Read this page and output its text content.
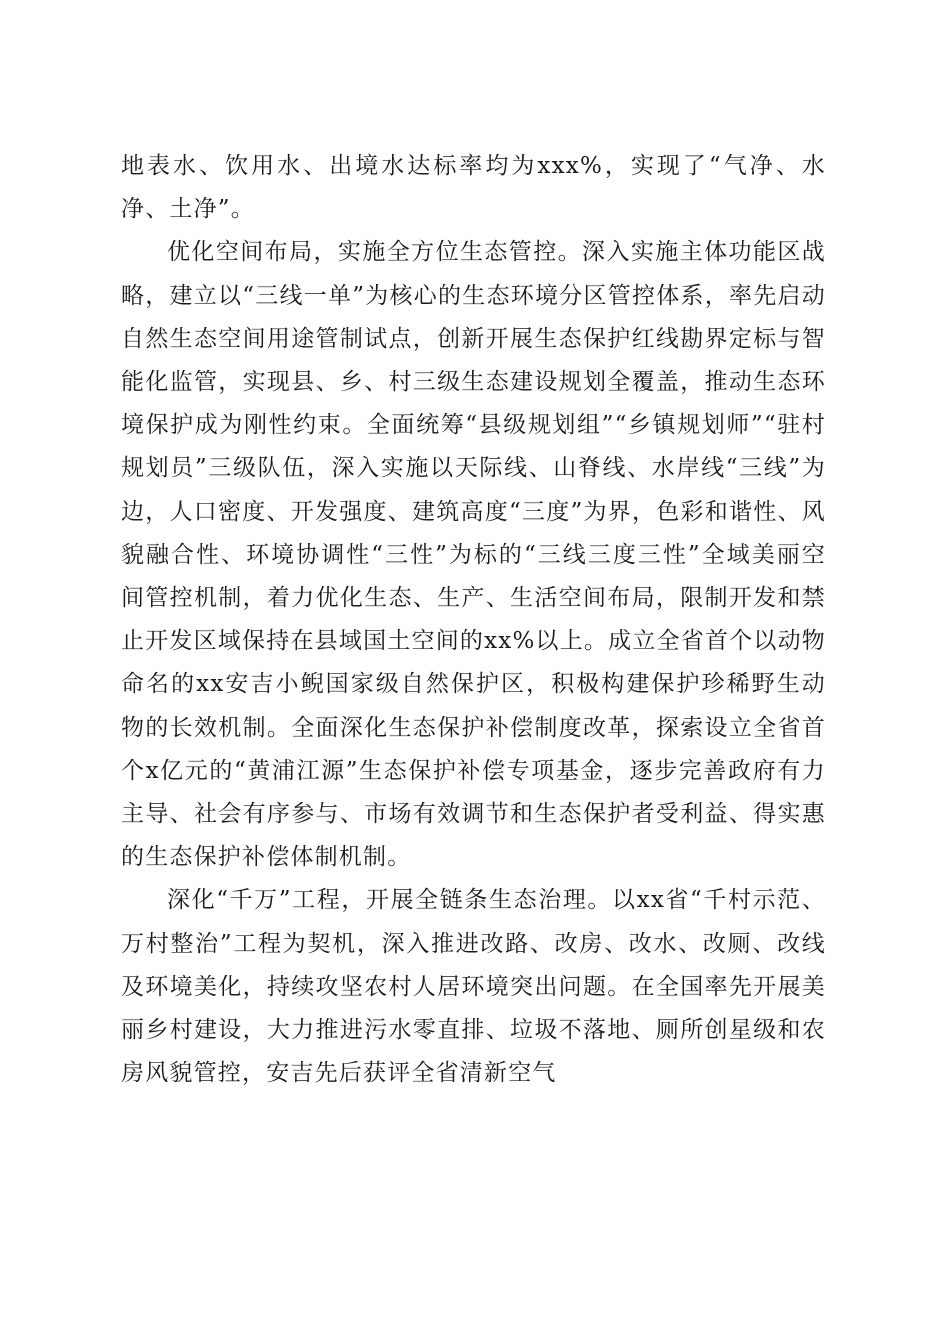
地表水、饮用水、出境水达标率均为xxx%，实现了“气净、水净、土净”。

优化空间布局，实施全方位生态管控。深入实施主体功能区战略，建立以“三线一单”为核心的生态环境分区管控体系，率先启动自然生态空间用途管制试点，创新开展生态保护红线勘界定标与智能化监管，实现县、乡、村三级生态建设规划全覆盖，推动生态环境保护成为刚性约束。全面统筹“县级规划组”“乡镇规划师”“驻村规划员”三级队伍，深入实施以天际线、山脊线、水岸线“三线”为边，人口密度、开发强度、建筑高度“三度”为界，色彩和谐性、风貌融合性、环境协调性“三性”为标的“三线三度三性”全域美丽空间管控机制，着力优化生态、生产、生活空间布局，限制开发和禁止开发区域保持在县域国土空间的xx%以上。成立全省首个以动物命名的xx安吉小鲵国家级自然保护区，积极构建保护珍稀野生动物的长效机制。全面深化生态保护补偿制度改革，探索设立全省首个x亿元的“黄浦江源”生态保护补偿专项基金，逐步完善政府有力主导、社会有序参与、市场有效调节和生态保护者受利益、得实惠的生态保护补偿体制机制。

深化“千万”工程，开展全链条生态治理。以xx省“千村示范、万村整治”工程为契机，深入推进改路、改房、改水、改厕、改线及环境美化，持续攻坚农村人居环境突出问题。在全国率先开展美丽乡村建设，大力推进污水零直排、垃圾不落地、厕所创星级和农房风貌管控，安吉先后获评全省清新空气
